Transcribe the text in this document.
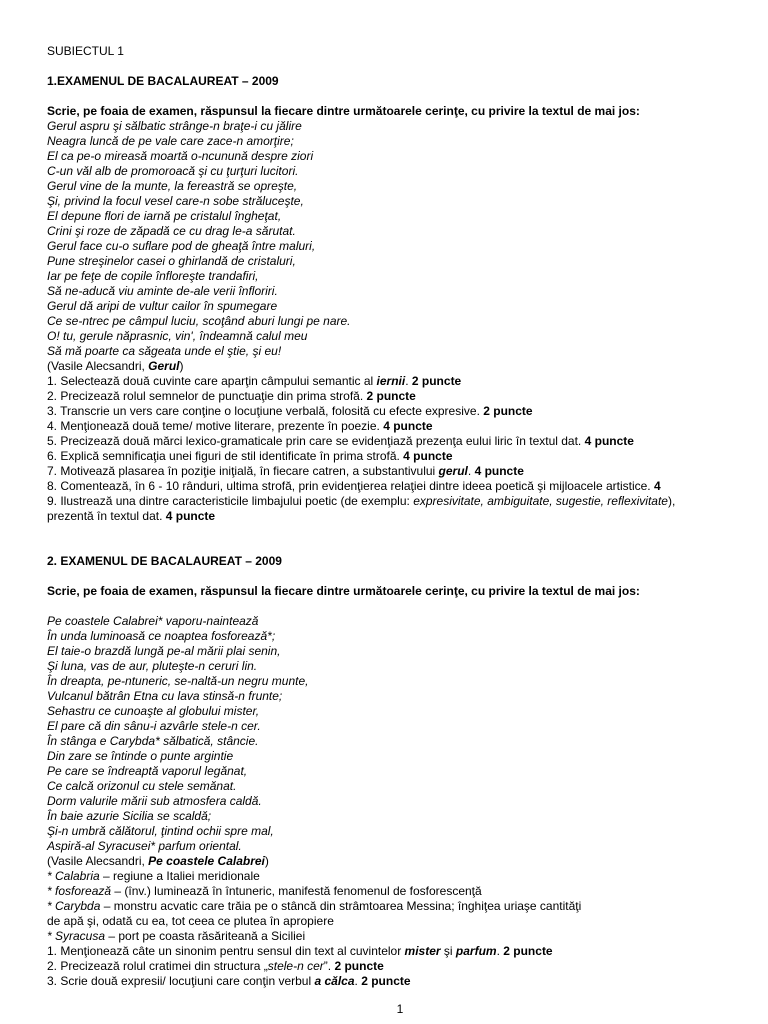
SUBIECTUL 1
1.EXAMENUL DE BACALAUREAT – 2009
Scrie, pe foaia de examen, răspunsul la fiecare dintre următoarele cerinţe, cu privire la textul de mai jos:
Gerul aspru şi sălbatic strânge-n braţe-i cu jălire
Neagra luncă de pe vale care zace-n amorţire;
El ca pe-o mireasă moartă o-ncunună despre ziori
C-un văl alb de promoroacă şi cu ţurţuri lucitori.
Gerul vine de la munte, la fereastră se opreşte,
Şi, privind la focul vesel care-n sobe străluceşte,
El depune flori de iarnă pe cristalul îngheţat,
Crini şi roze de zăpadă ce cu drag le-a sărutat.
Gerul face cu-o suflare pod de gheaţă între maluri,
Pune streşinelor casei o ghirlandă de cristaluri,
Iar pe feţe de copile înfloreşte trandafiri,
Să ne-aducă viu aminte de-ale verii înfloriri.
Gerul dă aripi de vultur cailor în spumegare
Ce se-ntrec pe câmpul luciu, scoţând aburi lungi pe nare.
O! tu, gerule năprasnic, vin', îndeamnă calul meu
Să mă poarte ca săgeata unde el ştie, şi eu!
(Vasile Alecsandri, Gerul)
1. Selectează două cuvinte care aparţin câmpului semantic al iernii. 2 puncte
2. Precizează rolul semnelor de punctuaţie din prima strofă. 2 puncte
3. Transcrie un vers care conţine o locuţiune verbală, folosită cu efecte expresive. 2 puncte
4. Menţionează două teme/ motive literare, prezente în poezie. 4 puncte
5. Precizează două mărci lexico-gramaticale prin care se evidenţiază prezenţa eului liric în textul dat. 4 puncte
6. Explică semnificaţia unei figuri de stil identificate în prima strofă. 4 puncte
7. Motivează plasarea în poziţie iniţială, în fiecare catren, a substantivului gerul. 4 puncte
8. Comentează, în 6 - 10 rânduri, ultima strofă, prin evidenţierea relaţiei dintre ideea poetică şi mijloacele artistice. 4
9. Ilustrează una dintre caracteristicile limbajului poetic (de exemplu: expresivitate, ambiguitate, sugestie, reflexivitate),
prezentă în textul dat. 4 puncte
2. EXAMENUL DE BACALAUREAT – 2009
Scrie, pe foaia de examen, răspunsul la fiecare dintre următoarele cerinţe, cu privire la textul de mai jos:
Pe coastele Calabrei* vaporu-naintează
În unda luminoasă ce noaptea fosforează*;
El taie-o brazdă lungă pe-al mării plai senin,
Şi luna, vas de aur, pluteşte-n ceruri lin.
În dreapta, pe-ntuneric, se-naltă-un negru munte,
Vulcanul bătrân Etna cu lava stinsă-n frunte;
Sehastru ce cunoaşte al globului mister,
El pare că din sânu-i azvârle stele-n cer.
În stânga e Carybda* sălbatică, stâncie.
Din zare se întinde o punte argintie
Pe care se îndreaptă vaporul legănat,
Ce calcă orizonul cu stele semănat.
Dorm valurile mării sub atmosfera caldă.
În baie azurie Sicilia se scaldă;
Şi-n umbră călătorul, ţintind ochii spre mal,
Aspiră-al Syracusei* parfum oriental.
(Vasile Alecsandri, Pe coastele Calabrei)
* Calabria – regiune a Italiei meridionale
* fosforează – (înv.) luminează în întuneric, manifestă fenomenul de fosforescenţă
* Carybda – monstru acvatic care trăia pe o stâncă din strâmtoarea Messina; înghiţea uriaşe cantităţi
de apă şi, odată cu ea, tot ceea ce plutea în apropiere
* Syracusa – port pe coasta răsăriteană a Siciliei
1. Menţionează câte un sinonim pentru sensul din text al cuvintelor mister şi parfum. 2 puncte
2. Precizează rolul cratimei din structura „stele-n cer”. 2 puncte
3. Scrie două expresii/ locuţiuni care conţin verbul a călca. 2 puncte
1
